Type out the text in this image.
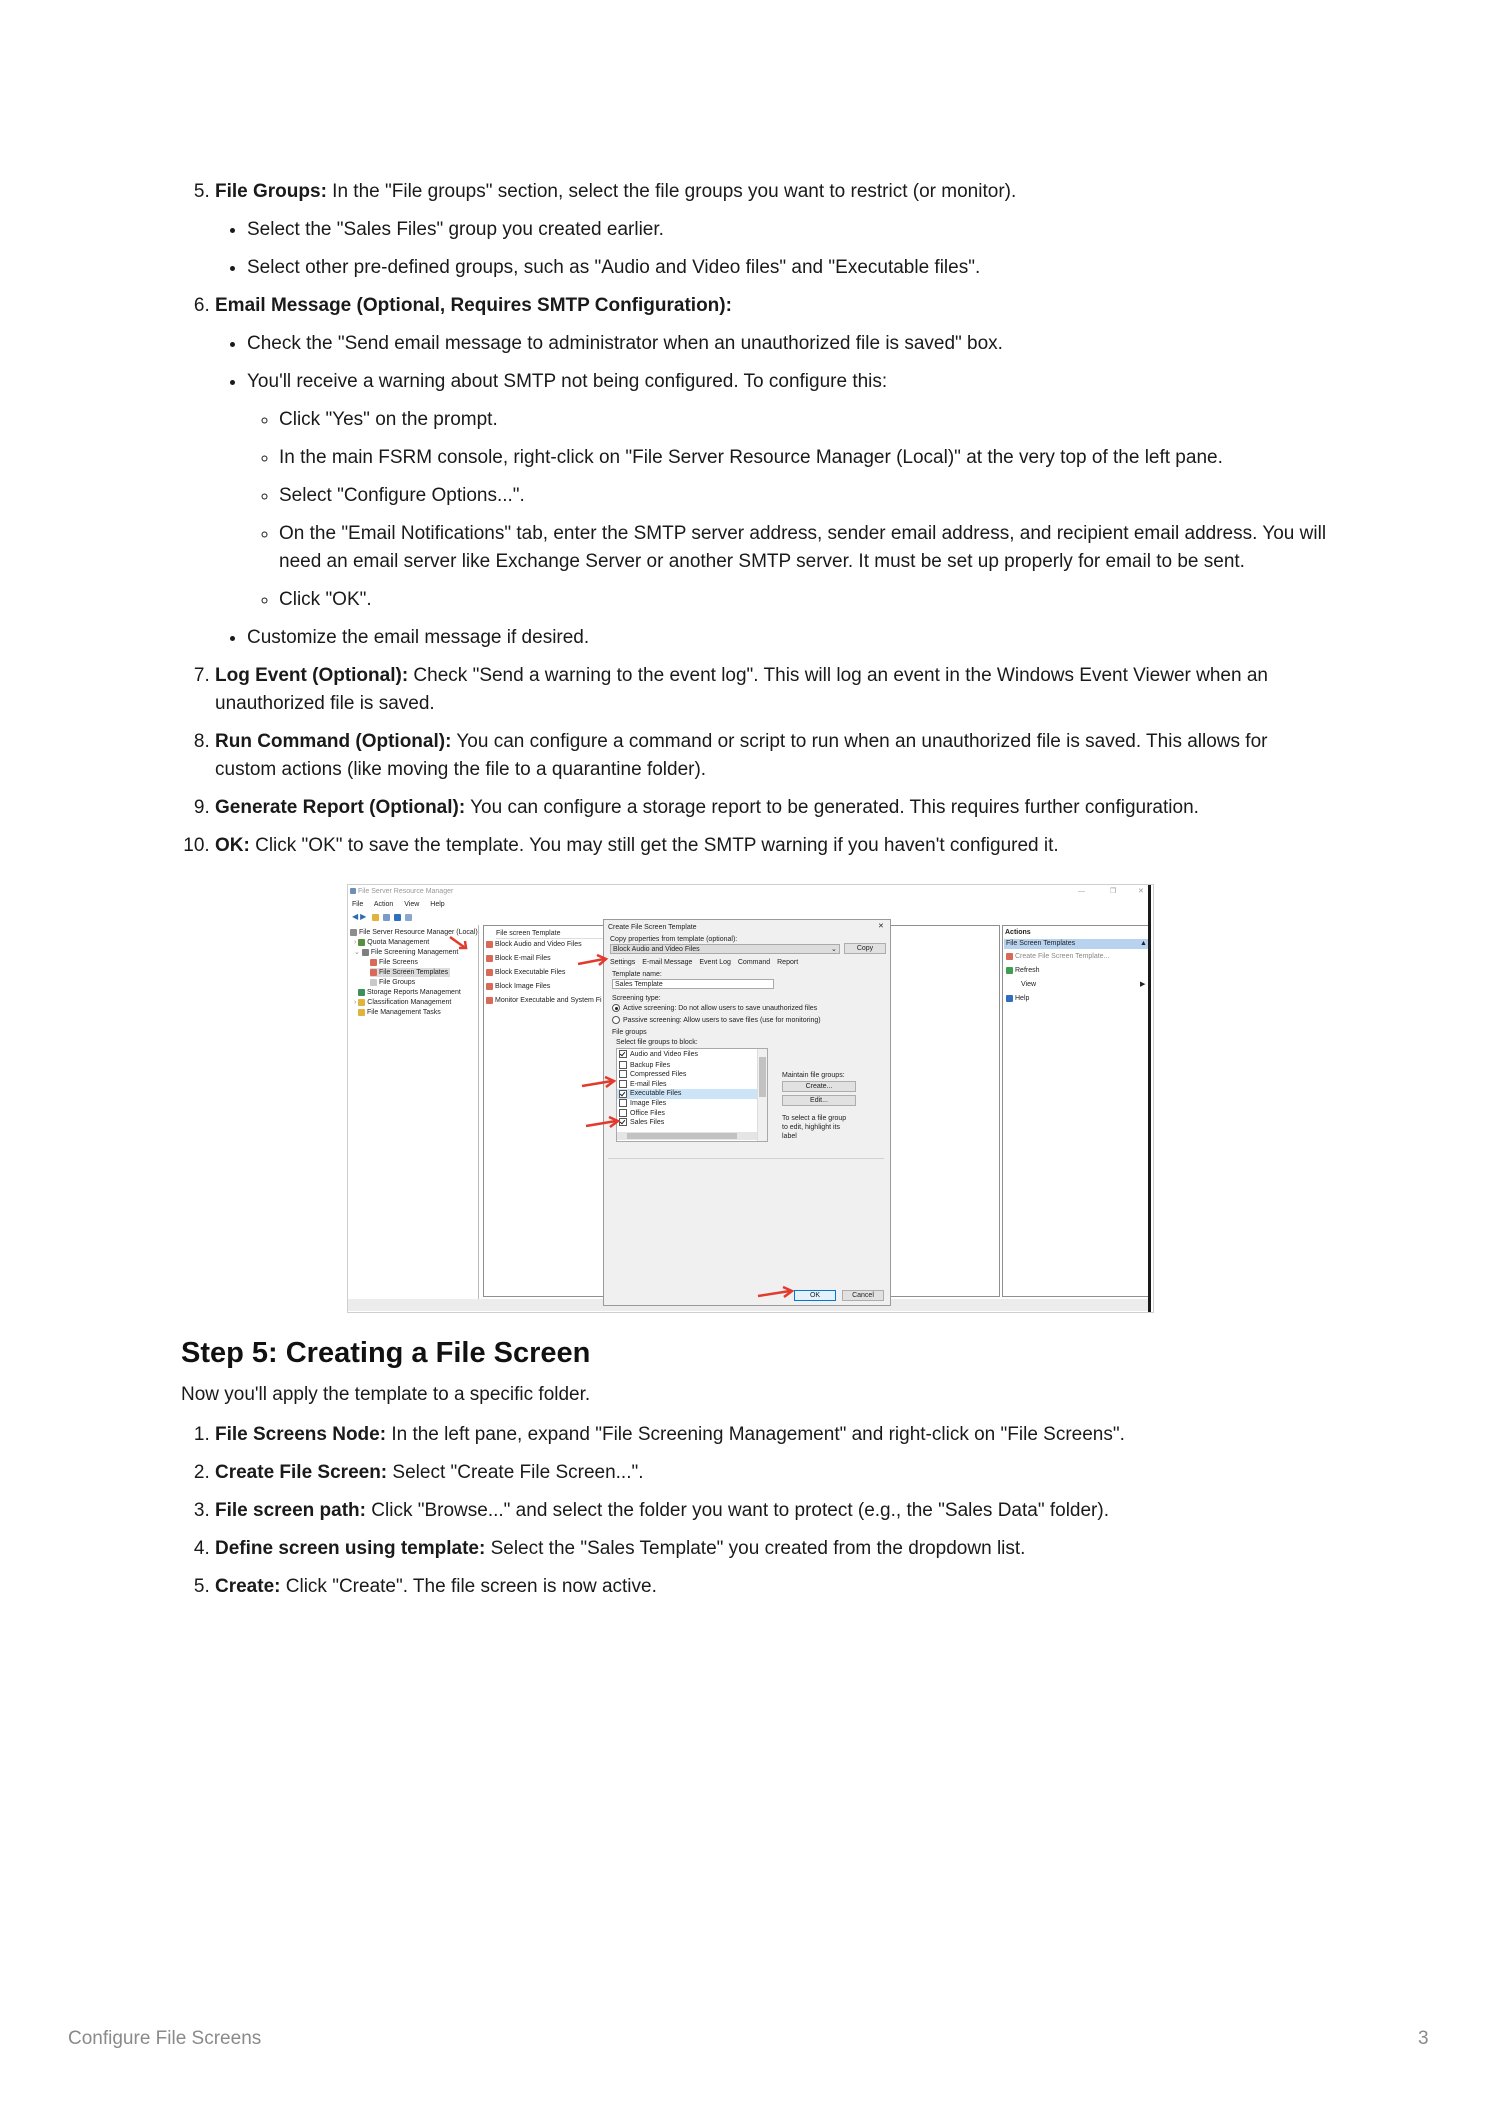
5. File Groups: In the "File groups" section, select the file groups you want to restrict (or monitor).
• Select the "Sales Files" group you created earlier.
• Select other pre-defined groups, such as "Audio and Video files" and "Executable files".
6. Email Message (Optional, Requires SMTP Configuration):
• Check the "Send email message to administrator when an unauthorized file is saved" box.
• You'll receive a warning about SMTP not being configured. To configure this:
◦ Click "Yes" on the prompt.
◦ In the main FSRM console, right-click on "File Server Resource Manager (Local)" at the very top of the left pane.
◦ Select "Configure Options...".
◦ On the "Email Notifications" tab, enter the SMTP server address, sender email address, and recipient email address. You will need an email server like Exchange Server or another SMTP server. It must be set up properly for email to be sent.
◦ Click "OK".
• Customize the email message if desired.
7. Log Event (Optional): Check "Send a warning to the event log". This will log an event in the Windows Event Viewer when an unauthorized file is saved.
8. Run Command (Optional): You can configure a command or script to run when an unauthorized file is saved. This allows for custom actions (like moving the file to a quarantine folder).
9. Generate Report (Optional): You can configure a storage report to be generated. This requires further configuration.
10. OK: Click "OK" to save the template. You may still get the SMTP warning if you haven't configured it.
File Server Resource Manager	—	❐	✕
File Action View Help
◀ ▶
File Server Resource Manager (Local)
› Quota Management
⌄ File Screening Management
File Screens
File Screen Templates
File Groups
Storage Reports Management
› Classification Management
File Management Tasks
File screen Template
Block Audio and Video Files
Block E-mail Files
Block Executable Files
Block Image Files
Monitor Executable and System Fi
Actions
File Screen Templates	▲
Create File Screen Template...
Refresh
View	▶
Help
Create File Screen Template	✕
Copy properties from template (optional):
Block Audio and Video Files	⌄	Copy
Settings E-mail Message Event Log Command Report
Template name:
Sales Template
Screening type:
Active screening: Do not allow users to save unauthorized files
Passive screening: Allow users to save files (use for monitoring)
File groups
Select file groups to block:
Audio and Video Files
Backup Files
Compressed Files
E-mail Files
Executable Files
Image Files
Office Files
Sales Files
Maintain file groups:
Create...
Edit...
To select a file group to edit, highlight its label
OK	Cancel
Step 5: Creating a File Screen
Now you'll apply the template to a specific folder.
1. File Screens Node: In the left pane, expand "File Screening Management" and right-click on "File Screens".
2. Create File Screen: Select "Create File Screen...".
3. File screen path: Click "Browse..." and select the folder you want to protect (e.g., the "Sales Data" folder).
4. Define screen using template: Select the "Sales Template" you created from the dropdown list.
5. Create: Click "Create". The file screen is now active.
Configure File Screens	3
